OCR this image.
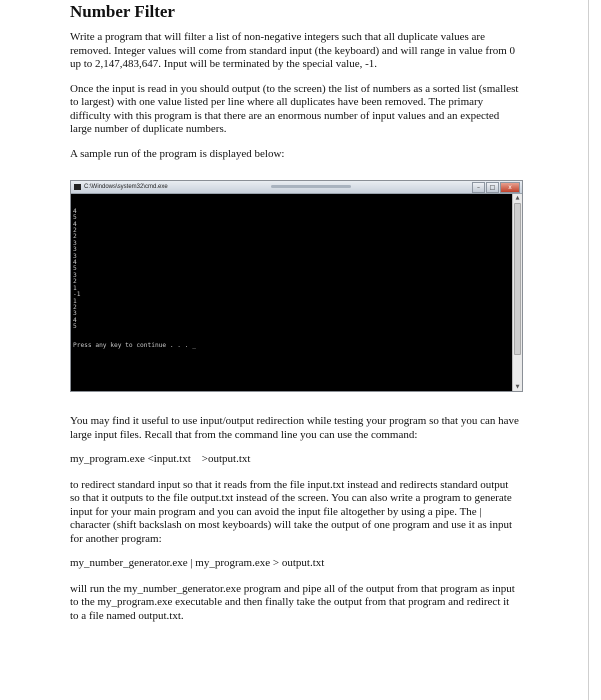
Number Filter

Write a program that will filter a list of non-negative integers such that all duplicate values are removed. Integer values will come from standard input (the keyboard) and will range in value from 0 up to 2,147,483,647. Input will be terminated by the special value, -1.

Once the input is read in you should output (to the screen) the list of numbers as a sorted list (smallest to largest) with one value listed per line where all duplicates have been removed. The primary difficulty with this program is that there are an enormous number of input values and an expected large number of duplicate numbers.

A sample run of the program is displayed below:

C:\Windows\system32\cmd.exe	–	□	x

4
5
4
2
2
3
3
3
4
5
3
2
1
-1
1
2
3
4
5

Press any key to continue . . . _

▲
▼

You may find it useful to use input/output redirection while testing your program so that you can have large input files. Recall that from the command line you can use the command:

my_program.exe <input.txt    >output.txt

to redirect standard input so that it reads from the file input.txt instead and redirects standard output so that it outputs to the file output.txt instead of the screen. You can also write a program to generate input for your main program and you can avoid the input file altogether by using a pipe. The | character (shift backslash on most keyboards) will take the output of one program and use it as input for another program:

my_number_generator.exe | my_program.exe > output.txt

will run the my_number_generator.exe program and pipe all of the output from that program as input to the my_program.exe executable and then finally take the output from that program and redirect it to a file named output.txt.
